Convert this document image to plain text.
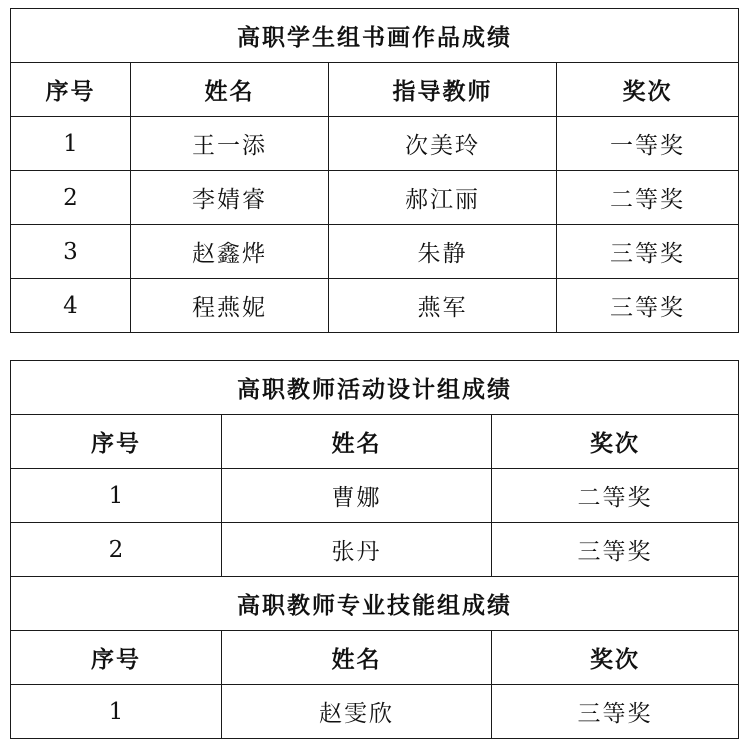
高职学生组书画作品成绩			
序号	姓名	指导教师	奖次
1	王一添	次美玲	一等奖
2	李婧睿	郝江丽	二等奖
3	赵鑫烨	朱静	三等奖
4	程燕妮	燕军	三等奖
高职教师活动设计组成绩		
序号	姓名	奖次
1	曹娜	二等奖
2	张丹	三等奖
高职教师专业技能组成绩		
序号	姓名	奖次
1	赵雯欣	三等奖
